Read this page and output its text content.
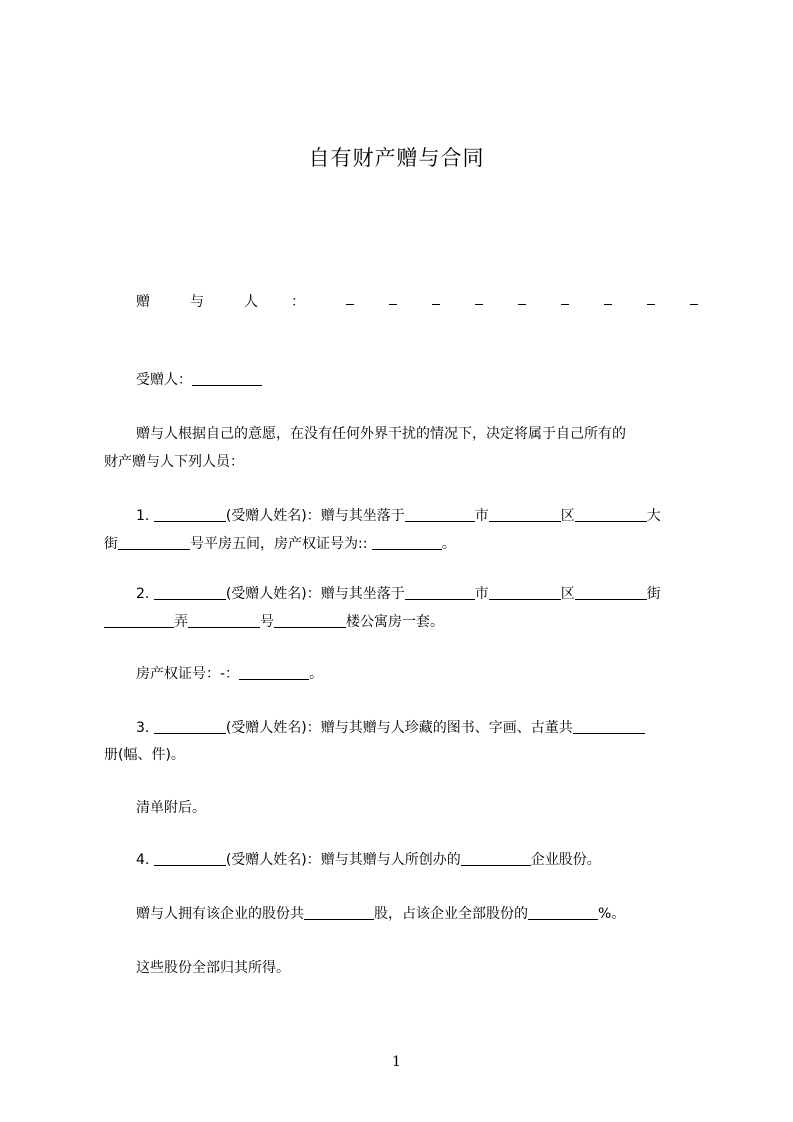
自有财产赠与合同
赠	与	人 ：
受赠人：
赠与人根据自己的意愿，在没有任何外界干扰的情况下，决定将属于自己所有的
财产赠与人下列人员：
1.	(受赠人姓名)：赠与其坐落于	市	区	大
街	号平房五间，房产权证号为::	。
2.	(受赠人姓名)：赠与其坐落于	市	区	街
弄	号	楼公寓房一套。
房产权证号：-：	。
3.	(受赠人姓名)：赠与其赠与人珍藏的图书、字画、古董共
册(幅、件)。
清单附后。
4.	(受赠人姓名)：赠与其赠与人所创办的	企业股份。
赠与人拥有该企业的股份共	股，占该企业全部股份的	%。
这些股份全部归其所得。
1
